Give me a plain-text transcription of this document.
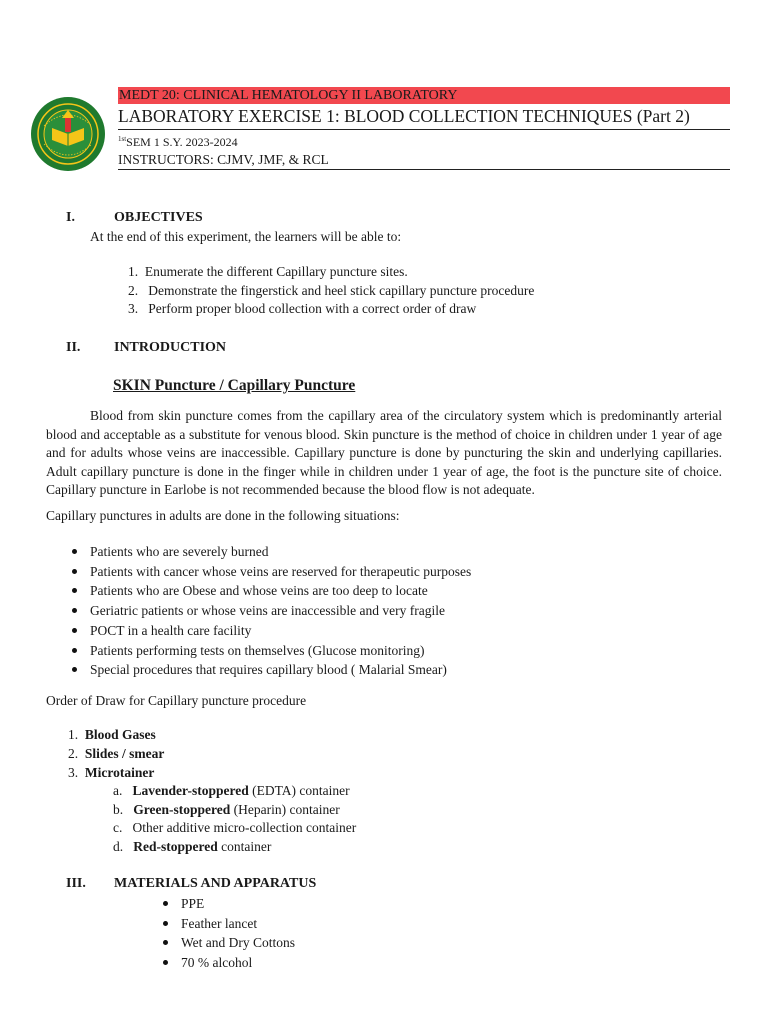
MEDT 20: CLINICAL HEMATOLOGY II LABORATORY
LABORATORY EXERCISE 1: BLOOD COLLECTION TECHNIQUES (Part 2)
$^{1st}$SEM 1 S.Y. 2023-2024
INSTRUCTORS: CJMV, JMF, & RCL
I.	OBJECTIVES
At the end of this experiment, the learners will be able to:
1. Enumerate the different Capillary puncture sites.
2. Demonstrate the fingerstick and heel stick capillary puncture procedure
3. Perform proper blood collection with a correct order of draw
II. INTRODUCTION
SKIN Puncture / Capillary Puncture
Blood from skin puncture comes from the capillary area of the circulatory system which is predominantly arterial blood and acceptable as a substitute for venous blood. Skin puncture is the method of choice in children under 1 year of age and for adults whose veins are inaccessible. Capillary puncture is done by puncturing the skin and underlying capillaries. Adult capillary puncture is done in the finger while in children under 1 year of age, the foot is the puncture site of choice. Capillary puncture in Earlobe is not recommended because the blood flow is not adequate.
Capillary punctures in adults are done in the following situations:
Patients who are severely burned
Patients with cancer whose veins are reserved for therapeutic purposes
Patients who are Obese and whose veins are too deep to locate
Geriatric patients or whose veins are inaccessible and very fragile
POCT in a health care facility
Patients performing tests on themselves (Glucose monitoring)
Special procedures that requires capillary blood ( Malarial Smear)
Order of Draw for Capillary puncture procedure
1. Blood Gases
2. Slides / smear
3. Microtainer
a. Lavender-stoppered (EDTA) container
b. Green-stoppered (Heparin) container
c. Other additive micro-collection container
d. Red-stoppered container
III. MATERIALS AND APPARATUS
PPE
Feather lancet
Wet and Dry Cottons
70 % alcohol
